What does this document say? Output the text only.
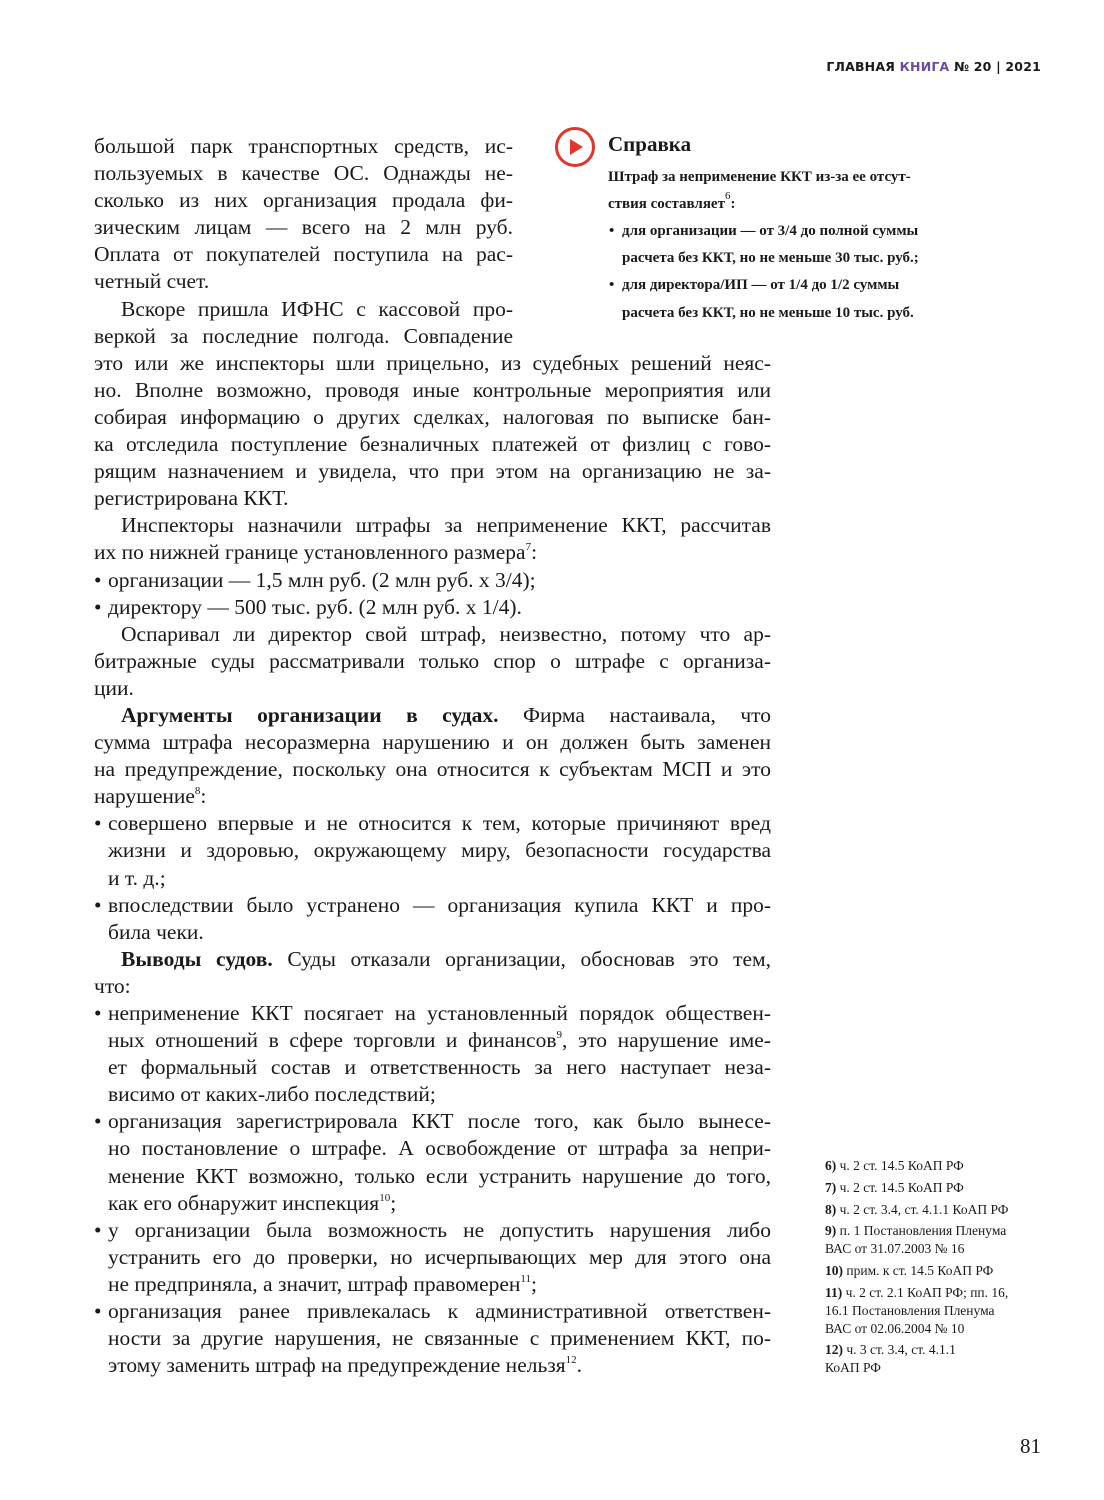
ГЛАВНАЯ КНИГА № 20 | 2021
большой парк транспортных средств, ис-
пользуемых в качестве ОС. Однажды не-
сколько из них организация продала фи-
зическим лицам — всего на 2 млн руб.
Оплата от покупателей поступила на рас-
четный счет.
Вскоре пришла ИФНС с кассовой про-
веркой за последние полгода. Совпадение
это или же инспекторы шли прицельно, из судебных решений неяс-
но. Вполне возможно, проводя иные контрольные мероприятия или
собирая информацию о других сделках, налоговая по выписке бан-
ка отследила поступление безналичных платежей от физлиц с гово-
рящим назначением и увидела, что при этом на организацию не за-
регистрирована ККТ.
Инспекторы назначили штрафы за неприменение ККТ, рассчитав
их по нижней границе установленного размера$^7$:
• организации — 1,5 млн руб. (2 млн руб. x 3/4);
• директору — 500 тыс. руб. (2 млн руб. x 1/4).
Оспаривал ли директор свой штраф, неизвестно, потому что ар-
битражные суды рассматривали только спор о штрафе с организа-
ции.
Аргументы организации в судах. Фирма настаивала, что
сумма штрафа несоразмерна нарушению и он должен быть заменен
на предупреждение, поскольку она относится к субъектам МСП и это
нарушение$^8$:
• совершено впервые и не относится к тем, которые причиняют вред
жизни и здоровью, окружающему миру, безопасности государства
и т. д.;
• впоследствии было устранено — организация купила ККТ и про-
била чеки.
Выводы судов. Суды отказали организации, обосновав это тем,
что:
• неприменение ККТ посягает на установленный порядок обществен-
ных отношений в сфере торговли и финансов$^9$, это нарушение име-
ет формальный состав и ответственность за него наступает неза-
висимо от каких-либо последствий;
• организация зарегистрировала ККТ после того, как было вынесе-
но постановление о штрафе. А освобождение от штрафа за непри-
менение ККТ возможно, только если устранить нарушение до того,
как его обнаружит инспекция$^{10}$;
• у организации была возможность не допустить нарушения либо
устранить его до проверки, но исчерпывающих мер для этого она
не предприняла, а значит, штраф правомерен$^{11}$;
• организация ранее привлекалась к административной ответствен-
ности за другие нарушения, не связанные с применением ККТ, по-
этому заменить штраф на предупреждение нельзя$^{12}$.
Справка
Штраф за неприменение ККТ из-за ее отсут-
ствия составляет$^6$:
• для организации — от 3/4 до полной суммы
расчета без ККТ, но не меньше 30 тыс. руб.;
• для директора/ИП — от 1/4 до 1/2 суммы
расчета без ККТ, но не меньше 10 тыс. руб.
6) ч. 2 ст. 14.5 КоАП РФ
7) ч. 2 ст. 14.5 КоАП РФ
8) ч. 2 ст. 3.4, ст. 4.1.1 КоАП РФ
9) п. 1 Постановления Пленума
ВАС от 31.07.2003 № 16
10) прим. к ст. 14.5 КоАП РФ
11) ч. 2 ст. 2.1 КоАП РФ; пп. 16,
16.1 Постановления Пленума
ВАС от 02.06.2004 № 10
12) ч. 3 ст. 3.4, ст. 4.1.1
КоАП РФ
81
